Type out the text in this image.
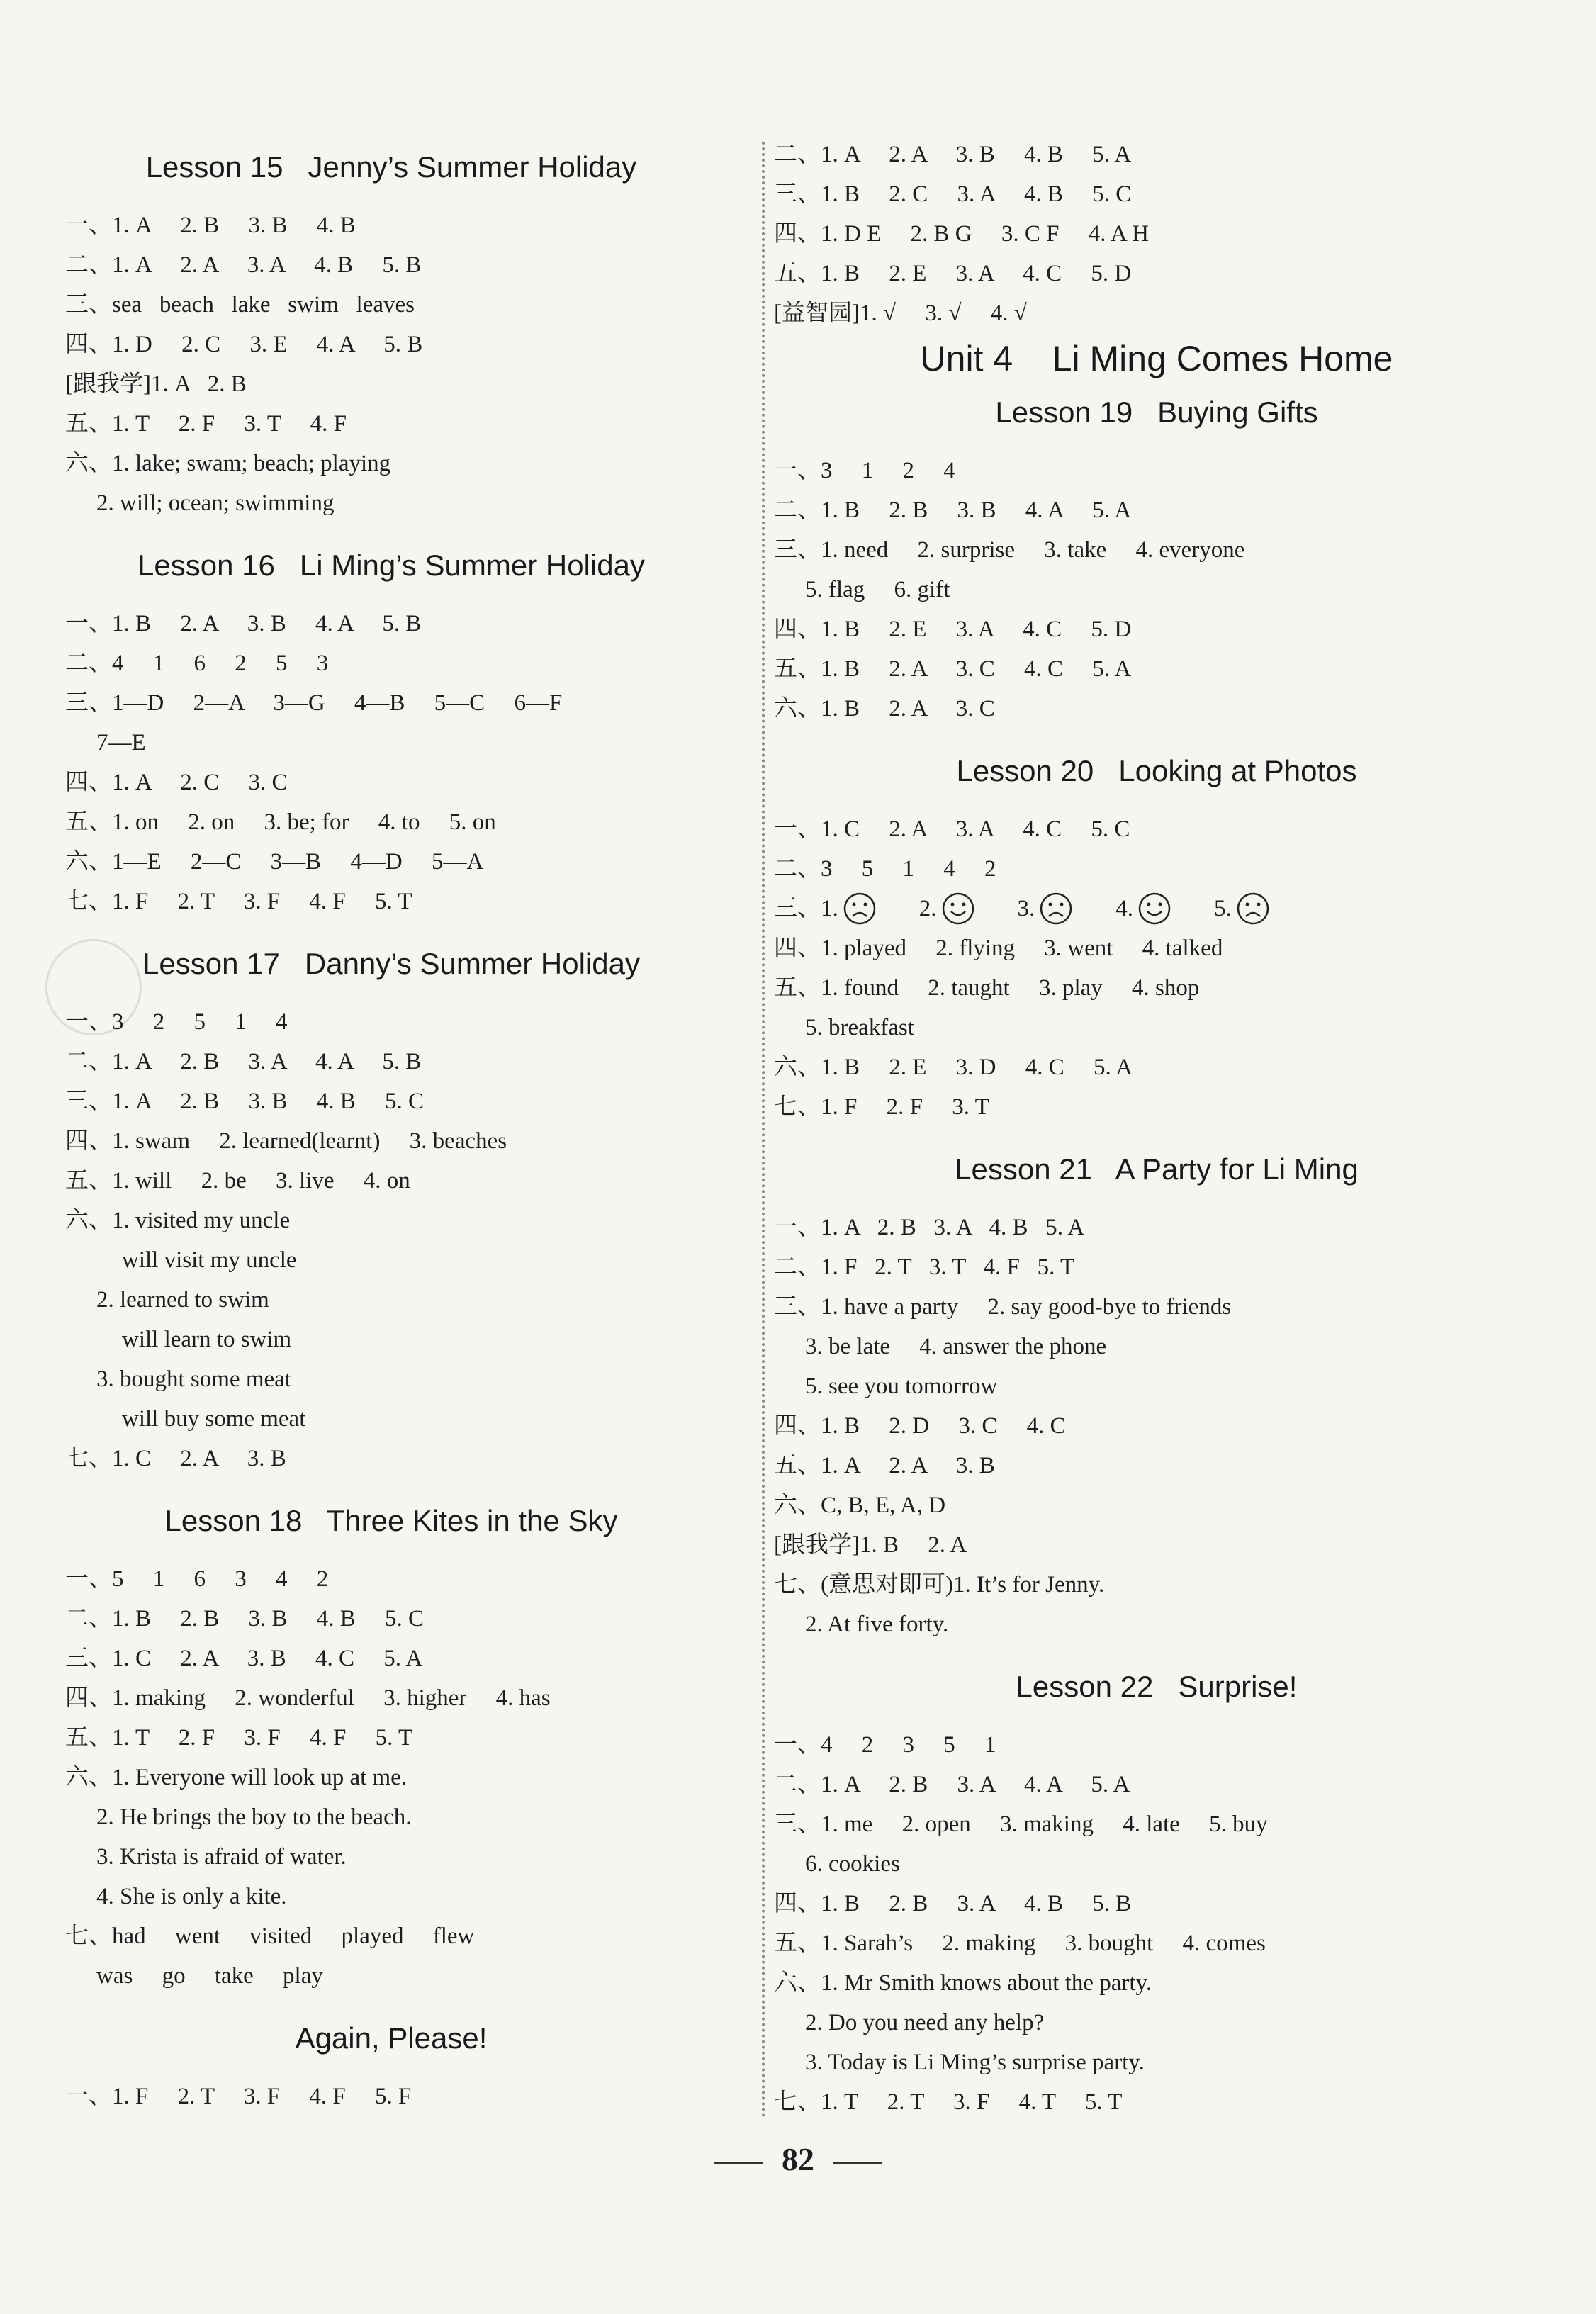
Lesson 15   Jenny’s Summer Holiday
一、1. A     2. B     3. B     4. B
二、1. A     2. A     3. A     4. B     5. B
三、sea   beach   lake   swim   leaves
四、1. D     2. C     3. E     4. A     5. B
[跟我学]1. A   2. B
五、1. T     2. F     3. T     4. F
六、1. lake; swam; beach; playing
2. will; ocean; swimming
Lesson 16   Li Ming’s Summer Holiday
一、1. B     2. A     3. B     4. A     5. B
二、4     1     6     2     5     3
三、1—D     2—A     3—G     4—B     5—C     6—F
7—E
四、1. A     2. C     3. C
五、1. on     2. on     3. be; for     4. to     5. on
六、1—E     2—C     3—B     4—D     5—A
七、1. F     2. T     3. F     4. F     5. T
Lesson 17   Danny’s Summer Holiday
一、3     2     5     1     4
二、1. A     2. B     3. A     4. A     5. B
三、1. A     2. B     3. B     4. B     5. C
四、1. swam     2. learned(learnt)     3. beaches
五、1. will     2. be     3. live     4. on
六、1. visited my uncle
will visit my uncle
2. learned to swim
will learn to swim
3. bought some meat
will buy some meat
七、1. C     2. A     3. B
Lesson 18   Three Kites in the Sky
一、5     1     6     3     4     2
二、1. B     2. B     3. B     4. B     5. C
三、1. C     2. A     3. B     4. C     5. A
四、1. making     2. wonderful     3. higher     4. has
五、1. T     2. F     3. F     4. F     5. T
六、1. Everyone will look up at me.
2. He brings the boy to the beach.
3. Krista is afraid of water.
4. She is only a kite.
七、had     went     visited     played     flew
was     go     take     play
Again, Please!
一、1. F     2. T     3. F     4. F     5. F
二、1. A     2. A     3. B     4. B     5. A
三、1. B     2. C     3. A     4. B     5. C
四、1. D E     2. B G     3. C F     4. A H
五、1. B     2. E     3. A     4. C     5. D
[益智园]1. √     3. √     4. √
Unit 4    Li Ming Comes Home
Lesson 19   Buying Gifts
一、3     1     2     4
二、1. B     2. B     3. B     4. A     5. A
三、1. need     2. surprise     3. take     4. everyone
5. flag     6. gift
四、1. B     2. E     3. A     4. C     5. D
五、1. B     2. A     3. C     4. C     5. A
六、1. B     2. A     3. C
Lesson 20   Looking at Photos
一、1. C     2. A     3. A     4. C     5. C
二、3     5     1     4     2
三、 1.	2.	3.	4.	5.
四、1. played     2. flying     3. went     4. talked
五、1. found     2. taught     3. play     4. shop
5. breakfast
六、1. B     2. E     3. D     4. C     5. A
七、1. F     2. F     3. T
Lesson 21   A Party for Li Ming
一、1. A   2. B   3. A   4. B   5. A
二、1. F   2. T   3. T   4. F   5. T
三、1. have a party     2. say good-bye to friends
3. be late     4. answer the phone
5. see you tomorrow
四、1. B     2. D     3. C     4. C
五、1. A     2. A     3. B
六、C, B, E, A, D
[跟我学]1. B     2. A
七、(意思对即可)1. It’s for Jenny.
2. At five forty.
Lesson 22   Surprise!
一、4     2     3     5     1
二、1. A     2. B     3. A     4. A     5. A
三、1. me     2. open     3. making     4. late     5. buy
6. cookies
四、1. B     2. B     3. A     4. B     5. B
五、1. Sarah’s     2. making     3. bought     4. comes
六、1. Mr Smith knows about the party.
2. Do you need any help?
3. Today is Li Ming’s surprise party.
七、1. T     2. T     3. F     4. T     5. T
82
